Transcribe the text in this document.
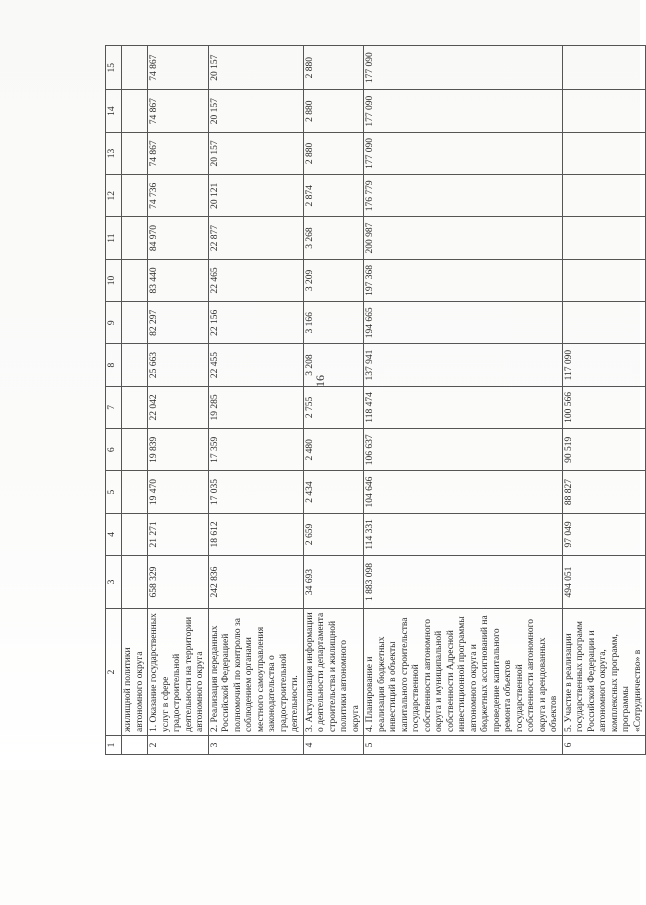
16
1	2	3	4	5	6	7	8	9	10	11	12	13	14	15
	жилищной политики автономного округа													
2	1. Оказание государственных услуг в сфере градостроительной деятельности на территории автономного округа	658 329	21 271	19 470	19 839	22 042	25 663	82 297	83 440	84 970	74 736	74 867	74 867	74 867
3	2. Реализация переданных Российской Федерацией полномочий по контролю за соблюдением органами местного самоуправления законодательства о градостроительной деятельности.	242 836	18 612	17 035	17 359	19 285	22 455	22 156	22 465	22 877	20 121	20 157	20 157	20 157
4	3. Актуализация информации о деятельности департамента строительства и жилищной политики автономного округа	34 693	2 659	2 434	2 480	2 755	3 208	3 166	3 209	3 268	2 874	2 880	2 880	2 880
5	4. Планирование и реализация бюджетных инвестиций в объекты капитального строительства государственной собственности автономного округа и муниципальной собственности Адресной инвестиционной программы автономного округа и бюджетных ассигнований на проведение капитального ремонта объектов государственной собственности автономного округа и арендованных объектов	1 883 098	114 331	104 646	106 637	118 474	137 941	194 665	197 368	200 987	176 779	177 090	177 090	177 090
6	5. Участие в реализации государственных программ Российской Федерации и автономного округа, комплексных программ, программы «Сотрудничество» в	494 051	97 049	88 827	90 519	100 566	117 090							
